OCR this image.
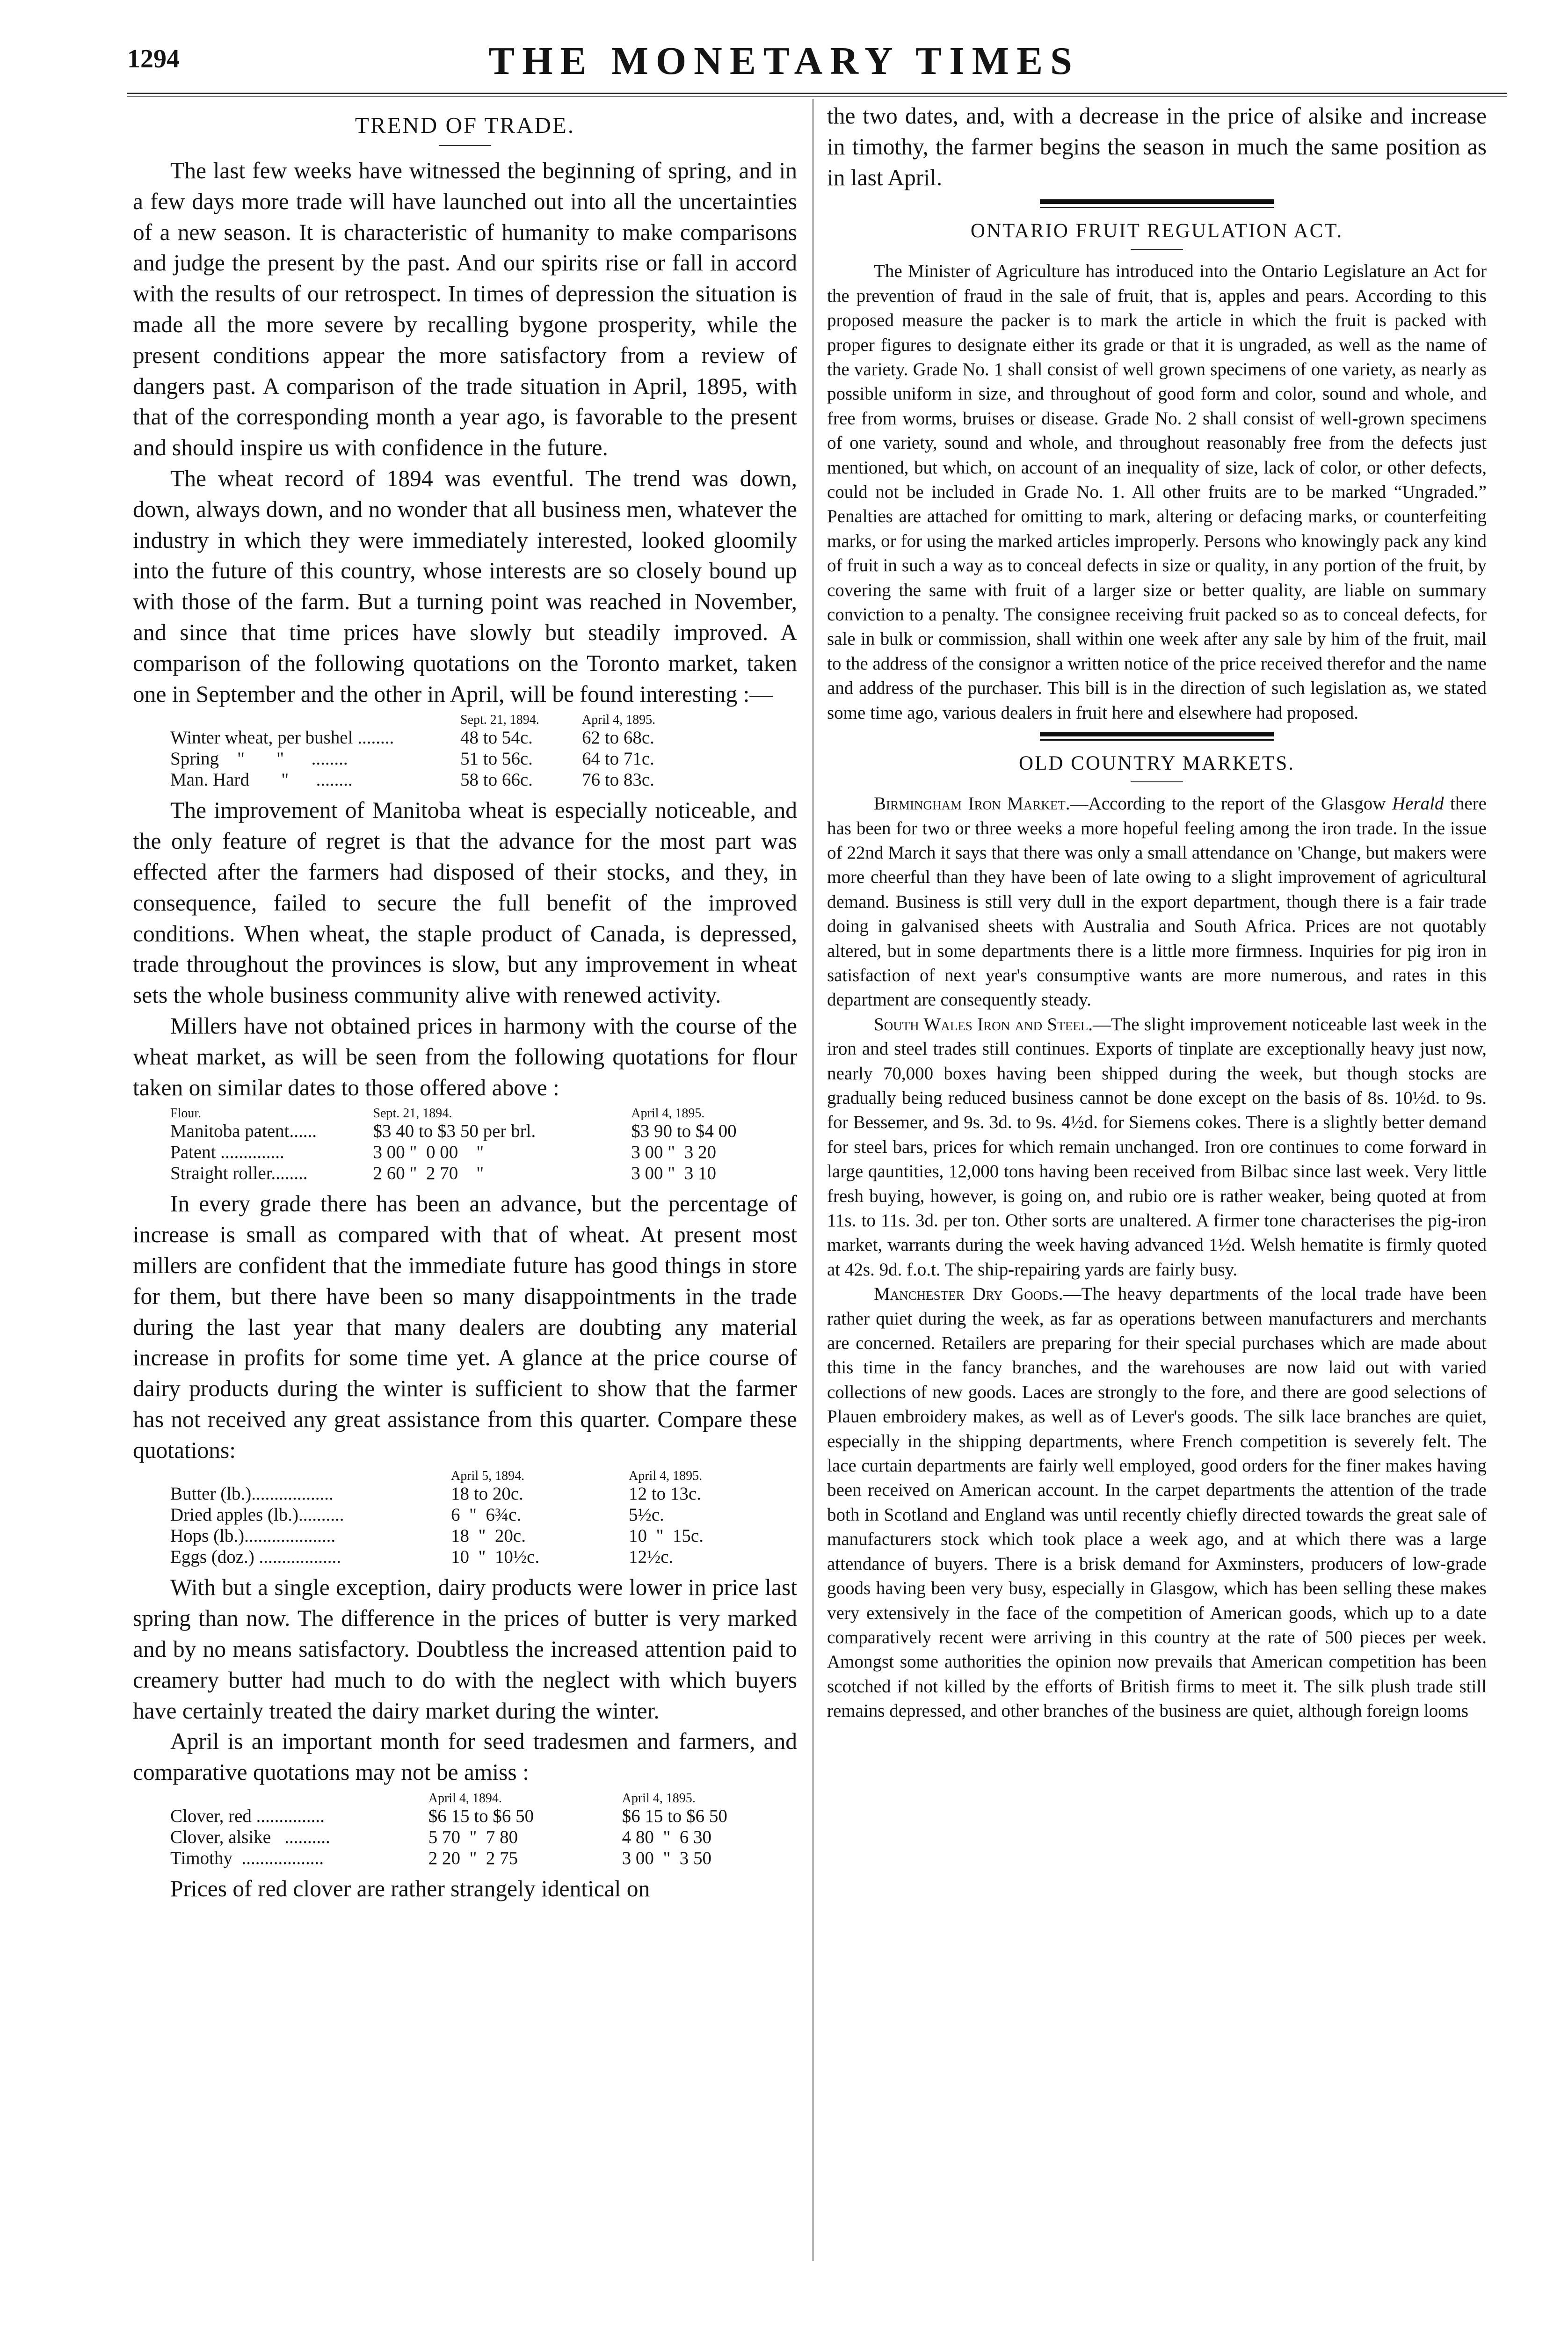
1294	THE MONETARY TIMES
TREND OF TRADE.

The last few weeks have witnessed the beginning of spring, and in a few days more trade will have launched out into all the uncertainties of a new season. It is characteristic of humanity to make comparisons and judge the present by the past. And our spirits rise or fall in accord with the results of our retrospect. In times of depression the situation is made all the more severe by recalling bygone prosperity, while the present conditions appear the more satisfactory from a review of dangers past. A comparison of the trade situation in April, 1895, with that of the corresponding month a year ago, is favorable to the present and should inspire us with confidence in the future.

The wheat record of 1894 was eventful. The trend was down, down, always down, and no wonder that all business men, whatever the industry in which they were immediately interested, looked gloomily into the future of this country, whose interests are so closely bound up with those of the farm. But a turning point was reached in November, and since that time prices have slowly but steadily improved. A comparison of the following quotations on the Toronto market, taken one in September and the other in April, will be found interesting :—

Sept. 21, 1894.	April 4, 1895.
Winter wheat, per bushel ........	48 to 54c.	62 to 68c.
Spring    "       "      ........	51 to 56c.	64 to 71c.
Man. Hard       "      ........	58 to 66c.	76 to 83c.

The improvement of Manitoba wheat is especially noticeable, and the only feature of regret is that the advance for the most part was effected after the farmers had disposed of their stocks, and they, in consequence, failed to secure the full benefit of the improved conditions. When wheat, the staple product of Canada, is depressed, trade throughout the provinces is slow, but any improvement in wheat sets the whole business community alive with renewed activity.

Millers have not obtained prices in harmony with the course of the wheat market, as will be seen from the following quotations for flour taken on similar dates to those offered above :

Flour.	Sept. 21, 1894.	April 4, 1895.
Manitoba patent......	$3 40 to $3 50 per brl.	$3 90 to $4 00
Patent ..............	3 00 "  0 00    "	3 00 "  3 20
Straight roller........	2 60 "  2 70    "	3 00 "  3 10

In every grade there has been an advance, but the percentage of increase is small as compared with that of wheat. At present most millers are confident that the immediate future has good things in store for them, but there have been so many disappointments in the trade during the last year that many dealers are doubting any material increase in profits for some time yet. A glance at the price course of dairy products during the winter is sufficient to show that the farmer has not received any great assistance from this quarter. Compare these quotations:

April 5, 1894.	April 4, 1895.
Butter (lb.)..................	18 to 20c.	12 to 13c.
Dried apples (lb.)..........	6  "  6¾c.	5½c.
Hops (lb.)....................	18  "  20c.	10  "  15c.
Eggs (doz.) ..................	10  "  10½c.	12½c.

With but a single exception, dairy products were lower in price last spring than now. The difference in the prices of butter is very marked and by no means satisfactory. Doubtless the increased attention paid to creamery butter had much to do with the neglect with which buyers have certainly treated the dairy market during the winter.

April is an important month for seed tradesmen and farmers, and comparative quotations may not be amiss :

April 4, 1894.	April 4, 1895.
Clover, red ...............	$6 15 to $6 50	$6 15 to $6 50
Clover, alsike   ..........	5 70  "  7 80	4 80  "  6 30
Timothy  ..................	2 20  "  2 75	3 00  "  3 50

Prices of red clover are rather strangely identical on

the two dates, and, with a decrease in the price of alsike and increase in timothy, the farmer begins the season in much the same position as in last April.

ONTARIO FRUIT REGULATION ACT.

The Minister of Agriculture has introduced into the Ontario Legislature an Act for the prevention of fraud in the sale of fruit, that is, apples and pears. According to this proposed measure the packer is to mark the article in which the fruit is packed with proper figures to designate either its grade or that it is ungraded, as well as the name of the variety. Grade No. 1 shall consist of well grown specimens of one variety, as nearly as possible uniform in size, and throughout of good form and color, sound and whole, and free from worms, bruises or disease. Grade No. 2 shall consist of well-grown specimens of one variety, sound and whole, and throughout reasonably free from the defects just mentioned, but which, on account of an inequality of size, lack of color, or other defects, could not be included in Grade No. 1. All other fruits are to be marked “Ungraded.” Penalties are attached for omitting to mark, altering or defacing marks, or counterfeiting marks, or for using the marked articles improperly. Persons who knowingly pack any kind of fruit in such a way as to conceal defects in size or quality, in any portion of the fruit, by covering the same with fruit of a larger size or better quality, are liable on summary conviction to a penalty. The consignee receiving fruit packed so as to conceal defects, for sale in bulk or commission, shall within one week after any sale by him of the fruit, mail to the address of the consignor a written notice of the price received therefor and the name and address of the purchaser. This bill is in the direction of such legislation as, we stated some time ago, various dealers in fruit here and elsewhere had proposed.

OLD COUNTRY MARKETS.

Birmingham Iron Market.—According to the report of the Glasgow Herald there has been for two or three weeks a more hopeful feeling among the iron trade. In the issue of 22nd March it says that there was only a small attendance on 'Change, but makers were more cheerful than they have been of late owing to a slight improvement of agricultural demand. Business is still very dull in the export department, though there is a fair trade doing in galvanised sheets with Australia and South Africa. Prices are not quotably altered, but in some departments there is a little more firmness. Inquiries for pig iron in satisfaction of next year's consumptive wants are more numerous, and rates in this department are consequently steady.

South Wales Iron and Steel.—The slight improvement noticeable last week in the iron and steel trades still continues. Exports of tinplate are exceptionally heavy just now, nearly 70,000 boxes having been shipped during the week, but though stocks are gradually being reduced business cannot be done except on the basis of 8s. 10½d. to 9s. for Bessemer, and 9s. 3d. to 9s. 4½d. for Siemens cokes. There is a slightly better demand for steel bars, prices for which remain unchanged. Iron ore continues to come forward in large qauntities, 12,000 tons having been received from Bilbac since last week. Very little fresh buying, however, is going on, and rubio ore is rather weaker, being quoted at from 11s. to 11s. 3d. per ton. Other sorts are unaltered. A firmer tone characterises the pig-iron market, warrants during the week having advanced 1½d. Welsh hematite is firmly quoted at 42s. 9d. f.o.t. The ship-repairing yards are fairly busy.

Manchester Dry Goods.—The heavy departments of the local trade have been rather quiet during the week, as far as operations between manufacturers and merchants are concerned. Retailers are preparing for their special purchases which are made about this time in the fancy branches, and the warehouses are now laid out with varied collections of new goods. Laces are strongly to the fore, and there are good selections of Plauen embroidery makes, as well as of Lever's goods. The silk lace branches are quiet, especially in the shipping departments, where French competition is severely felt. The lace curtain departments are fairly well employed, good orders for the finer makes having been received on American account. In the carpet departments the attention of the trade both in Scotland and England was until recently chiefly directed towards the great sale of manufacturers stock which took place a week ago, and at which there was a large attendance of buyers. There is a brisk demand for Axminsters, producers of low-grade goods having been very busy, especially in Glasgow, which has been selling these makes very extensively in the face of the competition of American goods, which up to a date comparatively recent were arriving in this country at the rate of 500 pieces per week. Amongst some authorities the opinion now prevails that American competition has been scotched if not killed by the efforts of British firms to meet it. The silk plush trade still remains depressed, and other branches of the business are quiet, although foreign looms
